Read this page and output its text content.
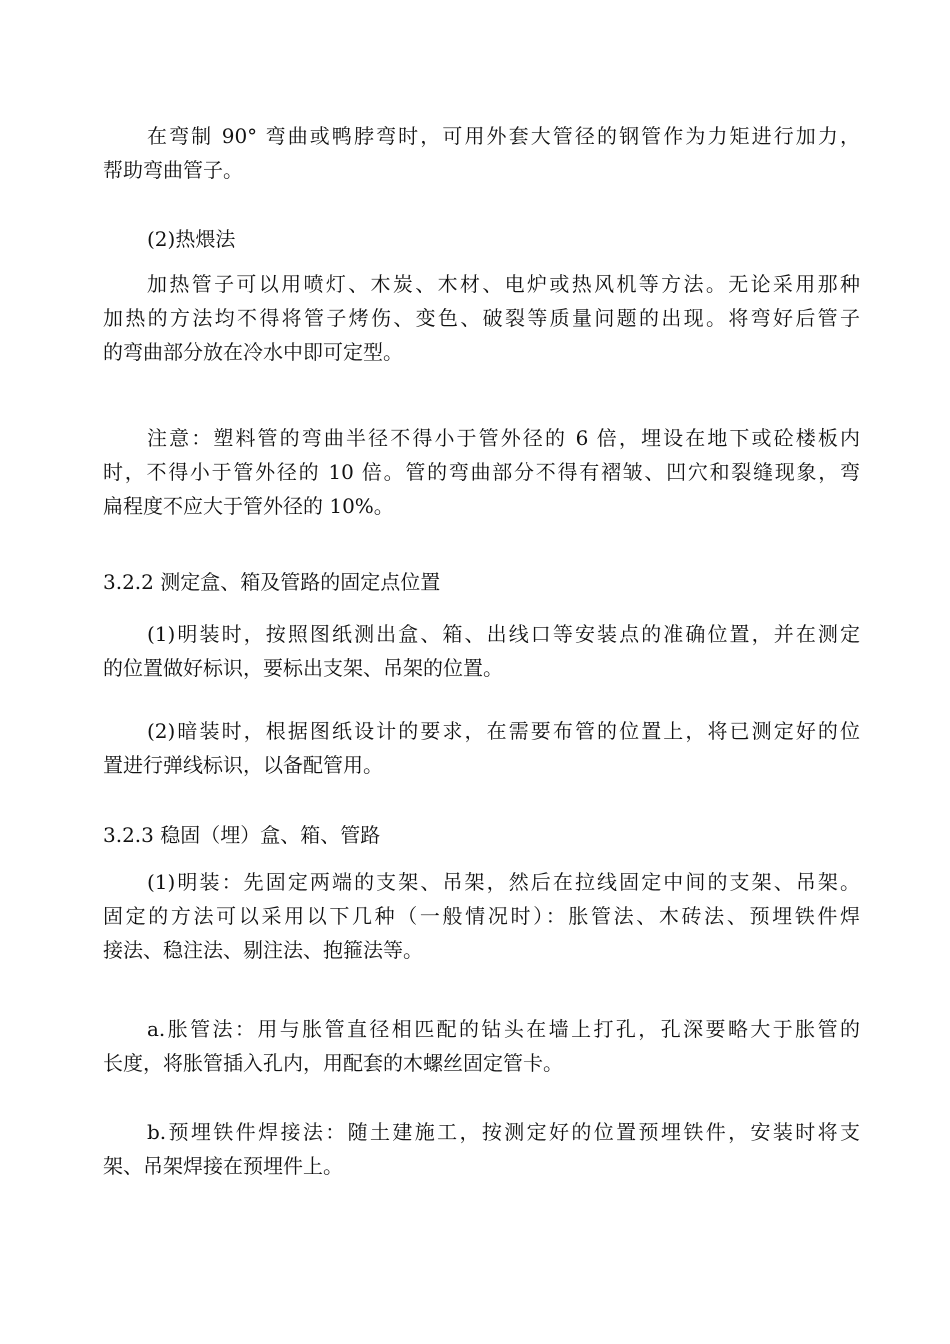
在弯制 90° 弯曲或鸭脖弯时，可用外套大管径的钢管作为力矩进行加力，
帮助弯曲管子。
(2)热煨法
加热管子可以用喷灯、木炭、木材、电炉或热风机等方法。无论采用那种
加热的方法均不得将管子烤伤、变色、破裂等质量问题的出现。将弯好后管子
的弯曲部分放在冷水中即可定型。
注意：塑料管的弯曲半径不得小于管外径的 6 倍，埋设在地下或砼楼板内
时，不得小于管外径的 10 倍。管的弯曲部分不得有褶皱、凹穴和裂缝现象，弯
扁程度不应大于管外径的 10%。
3.2.2 测定盒、箱及管路的固定点位置
(1)明装时，按照图纸测出盒、箱、出线口等安装点的准确位置，并在测定
的位置做好标识，要标出支架、吊架的位置。
(2)暗装时，根据图纸设计的要求，在需要布管的位置上，将已测定好的位
置进行弹线标识，以备配管用。
3.2.3 稳固（埋）盒、箱、管路
(1)明装：先固定两端的支架、吊架，然后在拉线固定中间的支架、吊架。
固定的方法可以采用以下几种（一般情况时）：胀管法、木砖法、预埋铁件焊
接法、稳注法、剔注法、抱箍法等。
a.胀管法：用与胀管直径相匹配的钻头在墙上打孔，孔深要略大于胀管的
长度，将胀管插入孔内，用配套的木螺丝固定管卡。
b.预埋铁件焊接法：随土建施工，按测定好的位置预埋铁件，安装时将支
架、吊架焊接在预埋件上。
